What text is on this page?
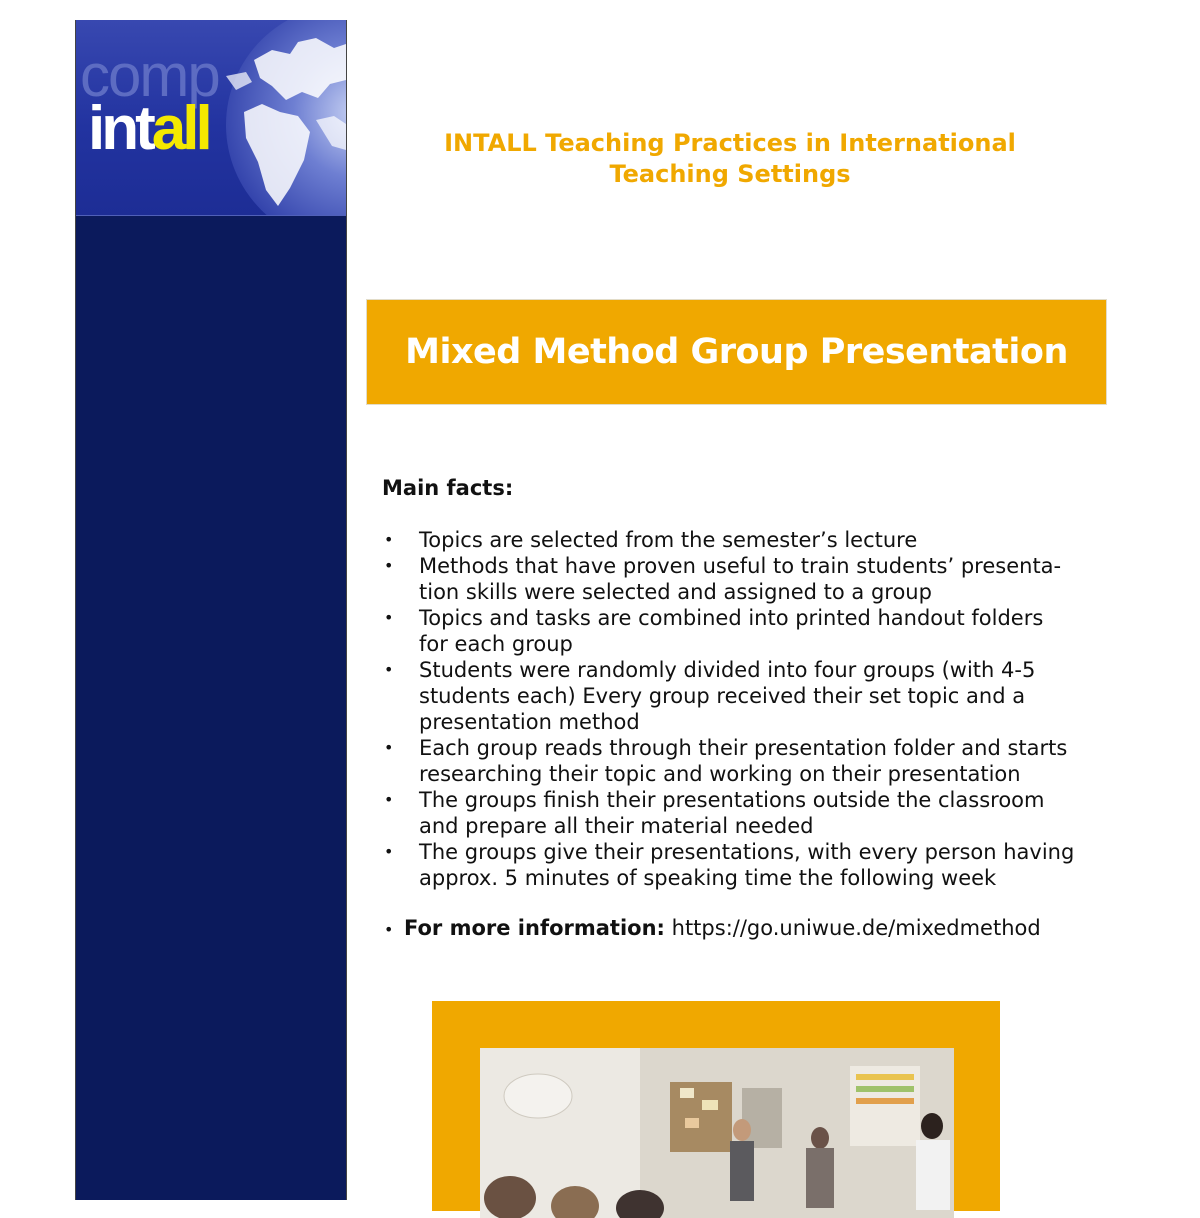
comp
intall	INTALL Teaching Practices in International
Teaching Settings
Mixed Method Group Presentation
Main facts:
• Topics are selected from the semester’s lecture
• Methods that have proven useful to train students’ presenta-
tion skills were selected and assigned to a group
• Topics and tasks are combined into printed handout folders
for each group
• Students were randomly divided into four groups (with 4-5
students each) Every group received their set topic and a
presentation method
• Each group reads through their presentation folder and starts
researching their topic and working on their presentation
• The groups finish their presentations outside the classroom
and prepare all their material needed
• The groups give their presentations, with every person having
approx. 5 minutes of speaking time the following week
• For more information: https://go.uniwue.de/mixedmethod
